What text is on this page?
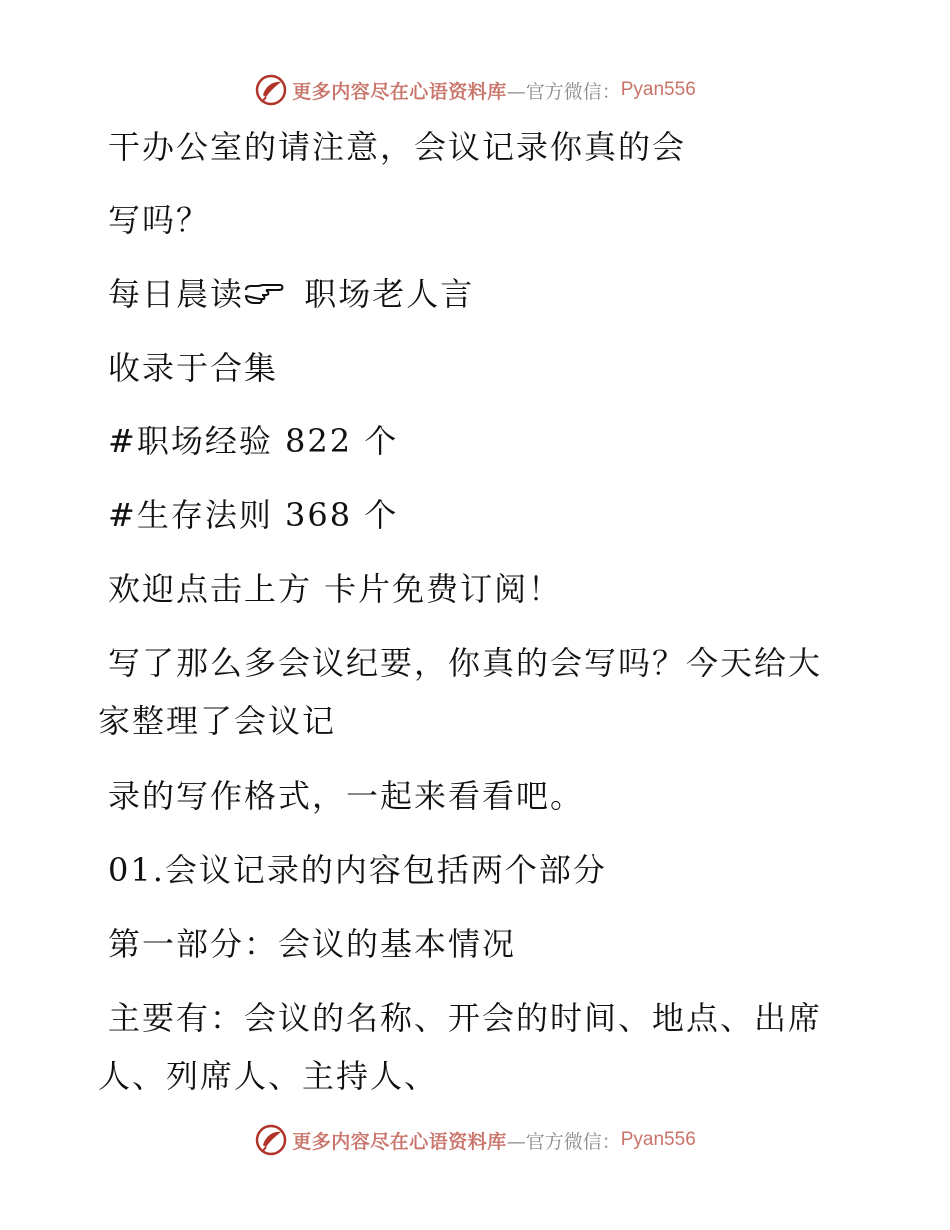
更多内容尽在心语资料库 —官方微信： Pyan556
干办公室的请注意，会议记录你真的会
写吗？
每日晨读 职场老人言
收录于合集
#职场经验 822 个
#生存法则 368 个
欢迎点击上方 卡片免费订阅！
写了那么多会议纪要，你真的会写吗？今天给大
家整理了会议记
录的写作格式，一起来看看吧。
01.会议记录的内容包括两个部分
第一部分：会议的基本情况
主要有：会议的名称、开会的时间、地点、出席
人、列席人、主持人、
更多内容尽在心语资料库 —官方微信： Pyan556
